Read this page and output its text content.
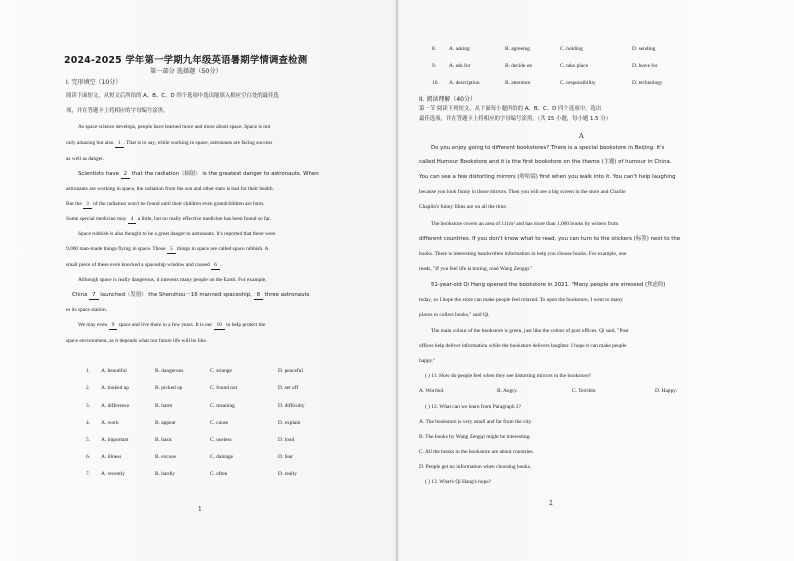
2024-2025 学年第一学期九年级英语暑期学情调查检测
第一部分 选择题（50分）
I. 完形填空（10分）
阅读下面短文，从短文后所给的 A、B、C、D 四个选项中选出能填入相应空白处的最佳选
项，并在答题卡上将相应的字母编号涂黑。
As space science develops, people have learned more and more about space. Space is not
only amazing but also 1 . That is to say, while working in space, astronauts are facing success
as well as danger.
Scientists have 2 that the radiation（辐射） is the greatest danger to astronauts. When
astronauts are working in space, the radiation from the sun and other stars is bad for their health.
But the 3 of the radiation won't be found until their children even grandchildren are born.
Some special medicine may 4 a little, but no really effective medicine has been found so far.
Space rubbish is also thought to be a great danger to astronauts. It's reported that there were
9,000 man-made things flying in space. Those 5 things in space are called space rubbish. A
small piece of these even knocked a spaceship window and caused 6 .
Although space is really dangerous, it interests many people on the Earth. For example,
China 7 launched（发射） the Shenzhou－16 manned spaceship, 8 three astronauts
to its space station.
We may even 9 space and live there in a few years. It is our 10 to help protect the
space environment, as it depends what our future life will be like.
1. A. beautiful	B. dangerous	C. strange	D. peaceful
2. A. looked up	B. picked up	C. found out	D. set off
3. A. difference	B. harm	C. meaning	D. difficulty
4. A. work	B. appear	C. cause	D. explain
5. A. important	B. basic	C. useless	D. loud
6. A. illness	B. excuse	C. damage	D. fear
7. A. recently	B. hardly	C. often	D. really
1
8. A. asking	B. agreeing	C. holding	D. sending
9. A. ask for	B. decide on	C. take place	D. leave for
10. A. description	B. attention	C. responsibility	D. technology
II. 阅读理解（40分）
第一节 阅读下列短文，从下面每小题所给的 A、B、C、D 四个选项中，选出
最佳选项，并在答题卡上将相应的字母编号涂黑。（共 15 小题，每小题 1.5 分）
A
Do you enjoy going to different bookstores? There is a special bookstore in Beijing. It's
called Humour Bookstore and it is the first bookstore on the theme (主题) of humour in China.
You can see a few distorting mirrors (哈哈镜) first when you walk into it. You can't help laughing
because you look funny in those mirrors. Then you will see a big screen in the store and Charlie
Chaplin's funny films are on all the time.
The bookstore covers an area of 111m² and has more than 1,000 books by writers from
different countries. If you don't know what to read, you can turn to the stickers (标签) next to the
books. There is interesting handwritten information to help you choose books. For example, one
reads, "If you feel life is boring, read Wang Zengqi."
51-year-old Qi Hang opened the bookstore in 2021. "Many people are stressed (焦虑的)
today, so I hope the store can make people feel relaxed. To open the bookstore, I went to many
places to collect books," said Qi.
The main colour of the bookstore is green, just like the colour of post offices. Qi said, "Post
offices help deliver information while the bookstore delivers laughter. I hope it can make people
happy."
( ) 11. How do people feel when they see distorting mirrors in the bookstore?
A. Worried.	B. Angry.	C. Terrible.	D. Happy.
( ) 12. What can we learn from Paragraph 2?
A. The bookstore is very small and far from the city.
B. The books by Wang Zengqi might be interesting.
C. All the books in the bookstore are about countries.
D. People get no information when choosing books.
( ) 13. What's Qi Hang's hope?
2
